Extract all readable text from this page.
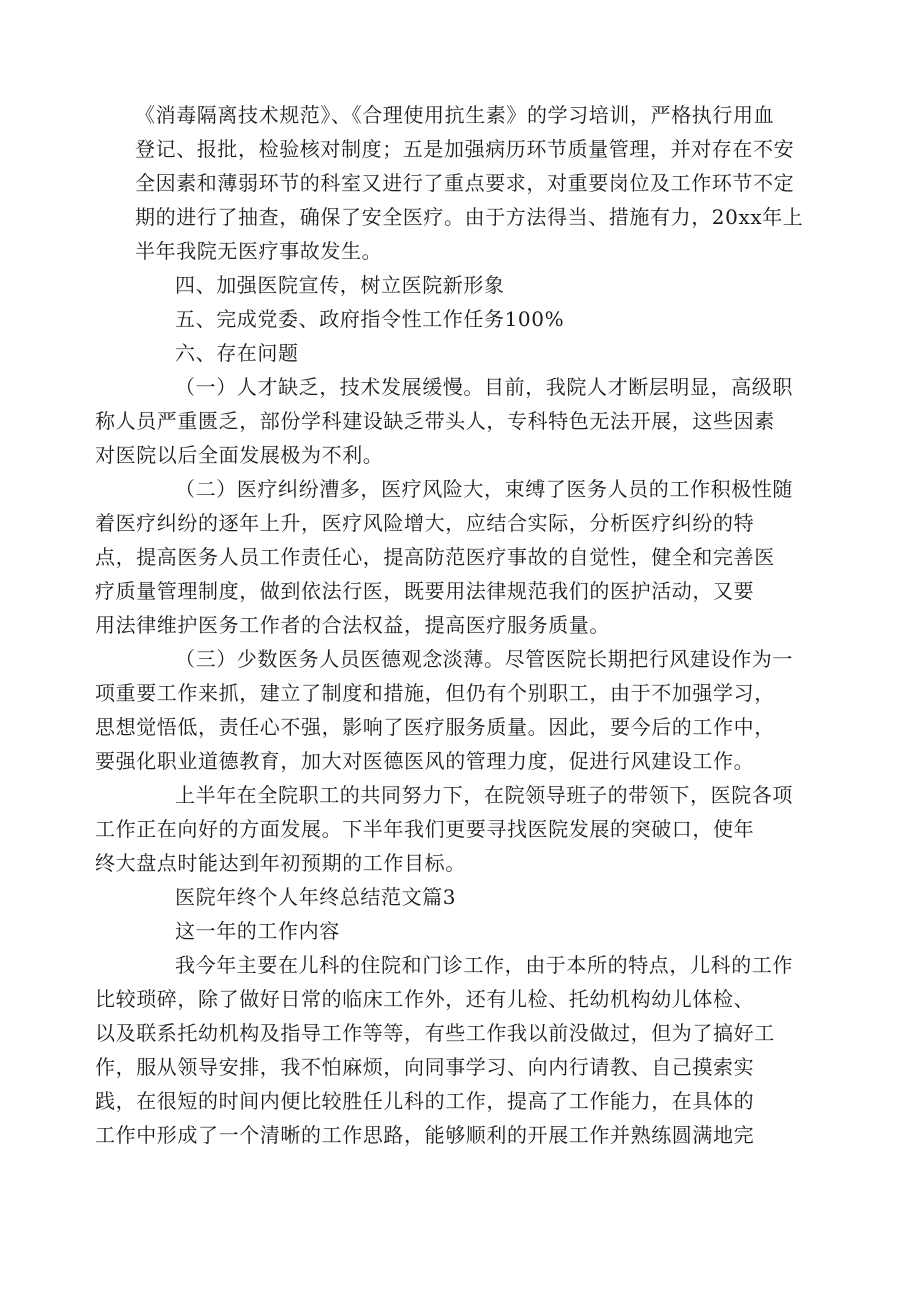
《消毒隔离技术规范》、《合理使用抗生素》的学习培训，严格执行用血
登记、报批，检验核对制度；五是加强病历环节质量管理，并对存在不安
全因素和薄弱环节的科室又进行了重点要求，对重要岗位及工作环节不定
期的进行了抽查，确保了安全医疗。由于方法得当、措施有力，20xx年上
半年我院无医疗事故发生。
四、加强医院宣传，树立医院新形象
五、完成党委、政府指令性工作任务100%
六、存在问题
（一）人才缺乏，技术发展缓慢。目前，我院人才断层明显，高级职
称人员严重匮乏，部份学科建设缺乏带头人，专科特色无法开展，这些因素
对医院以后全面发展极为不利。
（二）医疗纠纷漕多，医疗风险大，束缚了医务人员的工作积极性随
着医疗纠纷的逐年上升，医疗风险增大，应结合实际，分析医疗纠纷的特
点，提高医务人员工作责任心，提高防范医疗事故的自觉性，健全和完善医
疗质量管理制度，做到依法行医，既要用法律规范我们的医护活动，又要
用法律维护医务工作者的合法权益，提高医疗服务质量。
（三）少数医务人员医德观念淡薄。尽管医院长期把行风建设作为一
项重要工作来抓，建立了制度和措施，但仍有个别职工，由于不加强学习，
思想觉悟低，责任心不强，影响了医疗服务质量。因此，要今后的工作中，
要强化职业道德教育，加大对医德医风的管理力度，促进行风建设工作。
上半年在全院职工的共同努力下，在院领导班子的带领下，医院各项
工作正在向好的方面发展。下半年我们更要寻找医院发展的突破口，使年
终大盘点时能达到年初预期的工作目标。
医院年终个人年终总结范文篇3
这一年的工作内容
我今年主要在儿科的住院和门诊工作，由于本所的特点，儿科的工作
比较琐碎，除了做好日常的临床工作外，还有儿检、托幼机构幼儿体检、
以及联系托幼机构及指导工作等等，有些工作我以前没做过，但为了搞好工
作，服从领导安排，我不怕麻烦，向同事学习、向内行请教、自己摸索实
践，在很短的时间内便比较胜任儿科的工作，提高了工作能力，在具体的
工作中形成了一个清晰的工作思路，能够顺利的开展工作并熟练圆满地完
